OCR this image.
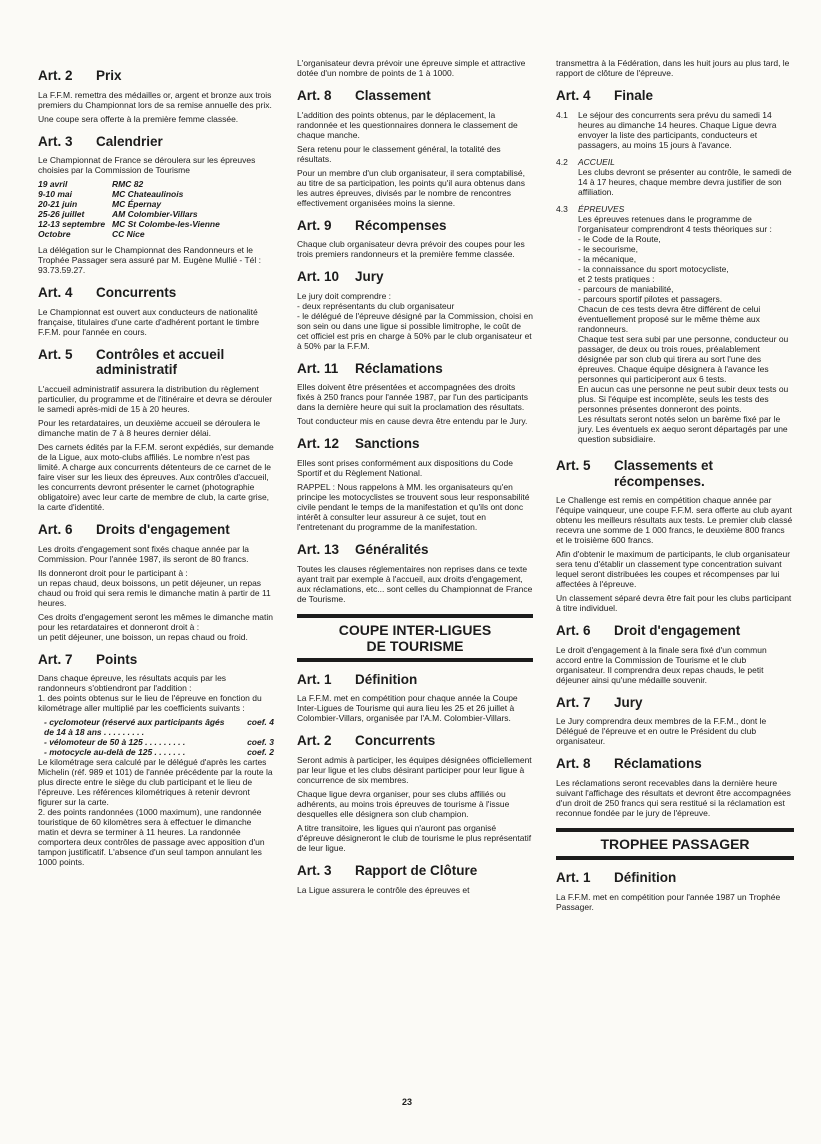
Art. 2	Prix

La F.F.M. remettra des médailles or, argent et bronze aux trois premiers du Championnat lors de sa remise annuelle des prix.

Une coupe sera offerte à la première femme classée.

Art. 3	Calendrier

Le Championnat de France se déroulera sur les épreuves choisies par la Commission de Tourisme

19 avril	RMC 82
9-10 mai	MC Chateaulinois
20-21 juin	MC Épernay
25-26 juillet	AM Colombier-Villars
12-13 septembre MC St Colombe-les-Vienne
Octobre	CC Nice

La délégation sur le Championnat des Randonneurs et le Trophée Passager sera assuré par M. Eugène Mullié - Tél : 93.73.59.27.

Art. 4	Concurrents

Le Championnat est ouvert aux conducteurs de nationalité française, titulaires d'une carte d'adhérent portant le timbre F.F.M. pour l'année en cours.

Art. 5	Contrôles et accueil administratif

L'accueil administratif assurera la distribution du règlement particulier, du programme et de l'itinéraire et devra se dérouler le samedi après-midi de 15 à 20 heures.

Pour les retardataires, un deuxième accueil se déroulera le dimanche matin de 7 à 8 heures dernier délai.

Des carnets édités par la F.F.M. seront expédiés, sur demande de la Ligue, aux moto-clubs affiliés. Le nombre n'est pas limité. A charge aux concurrents détenteurs de ce carnet de le faire viser sur les lieux des épreuves. Aux contrôles d'accueil, les concurrents devront présenter le carnet (photographie obligatoire) avec leur carte de membre de club, la carte grise, la carte d'identité.

Art. 6	Droits d'engagement

Les droits d'engagement sont fixés chaque année par la Commission. Pour l'année 1987, ils seront de 80 francs.

Ils donneront droit pour le participant à :
un repas chaud, deux boissons, un petit déjeuner, un repas chaud ou froid qui sera remis le dimanche matin à partir de 11 heures.

Ces droits d'engagement seront les mêmes le dimanche matin pour les retardataires et donneront droit à :
un petit déjeuner, une boisson, un repas chaud ou froid.

Art. 7	Points

Dans chaque épreuve, les résultats acquis par les randonneurs s'obtiendront par l'addition :
1. des points obtenus sur le lieu de l'épreuve en fonction du kilométrage aller multiplié par les coefficients suivants :

- cyclomoteur (réservé aux participants âgés de 14 à 18 ans . . . . . . . . .
coef. 4
- vélomoteur de 50 à 125 . . . . . . . . .	coef. 3
- motocycle au-delà de 125 . . . . . . .	coef. 2

Le kilométrage sera calculé par le délégué d'après les cartes Michelin (réf. 989 et 101) de l'année précédente par la route la plus directe entre le siège du club participant et le lieu de l'épreuve. Les références kilométriques à retenir devront figurer sur la carte.
2. des points randonnées (1000 maximum), une randonnée touristique de 60 kilomètres sera à effectuer le dimanche matin et devra se terminer à 11 heures. La randonnée comportera deux contrôles de passage avec apposition d'un tampon justificatif. L'absence d'un seul tampon annulant les 1000 points.

L'organisateur devra prévoir une épreuve simple et attractive dotée d'un nombre de points de 1 à 1000.

Art. 8	Classement

L'addition des points obtenus, par le déplacement, la randonnée et les questionnaires donnera le classement de chaque manche.

Sera retenu pour le classement général, la totalité des résultats.

Pour un membre d'un club organisateur, il sera comptabilisé, au titre de sa participation, les points qu'il aura obtenus dans les autres épreuves, divisés par le nombre de rencontres effectivement organisées moins la sienne.

Art. 9	Récompenses

Chaque club organisateur devra prévoir des coupes pour les trois premiers randonneurs et la première femme classée.

Art. 10	Jury

Le jury doit comprendre :
- deux représentants du club organisateur
- le délégué de l'épreuve désigné par la Commission, choisi en son sein ou dans une ligue si possible limitrophe, le coût de cet officiel est pris en charge à 50% par le club organisateur et à 50% par la F.F.M.

Art. 11	Réclamations

Elles doivent être présentées et accompagnées des droits fixés à 250 francs pour l'année 1987, par l'un des participants dans la dernière heure qui suit la proclamation des résultats.

Tout conducteur mis en cause devra être entendu par le Jury.

Art. 12	Sanctions

Elles sont prises conformément aux dispositions du Code Sportif et du Règlement National.

RAPPEL : Nous rappelons à MM. les organisateurs qu'en principe les motocyclistes se trouvent sous leur responsabilité civile pendant le temps de la manifestation et qu'ils ont donc intérêt à consulter leur assureur à ce sujet, tout en l'entretenant du programme de la manifestation.

Art. 13	Généralités

Toutes les clauses réglementaires non reprises dans ce texte ayant trait par exemple à l'accueil, aux droits d'engagement, aux réclamations, etc... sont celles du Championnat de France de Tourisme.

COUPE INTER-LIGUES
DE TOURISME
Art. 1	Définition

La F.F.M. met en compétition pour chaque année la Coupe Inter-Ligues de Tourisme qui aura lieu les 25 et 26 juillet à Colombier-Villars, organisée par l'A.M. Colombier-Villars.

Art. 2	Concurrents

Seront admis à participer, les équipes désignées officiellement par leur ligue et les clubs désirant participer pour leur ligue à concurrence de six membres.

Chaque ligue devra organiser, pour ses clubs affiliés ou adhérents, au moins trois épreuves de tourisme à l'issue desquelles elle désignera son club champion.

A titre transitoire, les ligues qui n'auront pas organisé d'épreuve désigneront le club de tourisme le plus représentatif de leur ligue.

Art. 3	Rapport de Clôture

La Ligue assurera le contrôle des épreuves et

transmettra à la Fédération, dans les huit jours au plus tard, le rapport de clôture de l'épreuve.

Art. 4	Finale
4.1	Le séjour des concurrents sera prévu du samedi 14 heures au dimanche 14 heures. Chaque Ligue devra envoyer la liste des participants, conducteurs et passagers, au moins 15 jours à l'avance.

4.2	ACCUEIL

Les clubs devront se présenter au contrôle, le samedi de 14 à 17 heures, chaque membre devra justifier de son affiliation.

4.3	ÉPREUVES

Les épreuves retenues dans le programme de l'organisateur comprendront 4 tests théoriques sur :
- le Code de la Route,
- le secourisme,
- la mécanique,
- la connaissance du sport motocycliste,
et 2 tests pratiques :
- parcours de maniabilité,
- parcours sportif pilotes et passagers.
Chacun de ces tests devra être différent de celui éventuellement proposé sur le même thème aux randonneurs.
Chaque test sera subi par une personne, conducteur ou passager, de deux ou trois roues, préalablement désignée par son club qui tirera au sort l'une des épreuves. Chaque équipe désignera à l'avance les personnes qui participeront aux 6 tests.
En aucun cas une personne ne peut subir deux tests ou plus. Si l'équipe est incomplète, seuls les tests des personnes présentes donneront des points.
Les résultats seront notés selon un barème fixé par le jury. Les éventuels ex aequo seront départagés par une question subsidiaire.

Art. 5	Classements et récompenses.

Le Challenge est remis en compétition chaque année par l'équipe vainqueur, une coupe F.F.M. sera offerte au club ayant obtenu les meilleurs résultats aux tests. Le premier club classé recevra une somme de 1 000 francs, le deuxième 800 francs et le troisième 600 francs.

Afin d'obtenir le maximum de participants, le club organisateur sera tenu d'établir un classement type concentration suivant lequel seront distribuées les coupes et récompenses par lui affectées à l'épreuve.

Un classement séparé devra être fait pour les clubs participant à titre individuel.

Art. 6	Droit d'engagement

Le droit d'engagement à la finale sera fixé d'un commun accord entre la Commission de Tourisme et le club organisateur. Il comprendra deux repas chauds, le petit déjeuner ainsi qu'une médaille souvenir.

Art. 7	Jury

Le Jury comprendra deux membres de la F.F.M., dont le Délégué de l'épreuve et en outre le Président du club organisateur.

Art. 8	Réclamations

Les réclamations seront recevables dans la dernière heure suivant l'affichage des résultats et devront être accompagnées d'un droit de 250 francs qui sera restitué si la réclamation est reconnue fondée par le jury de l'épreuve.

TROPHEE PASSAGER
Art. 1	Définition

La F.F.M. met en compétition pour l'année 1987 un Trophée Passager.

23
